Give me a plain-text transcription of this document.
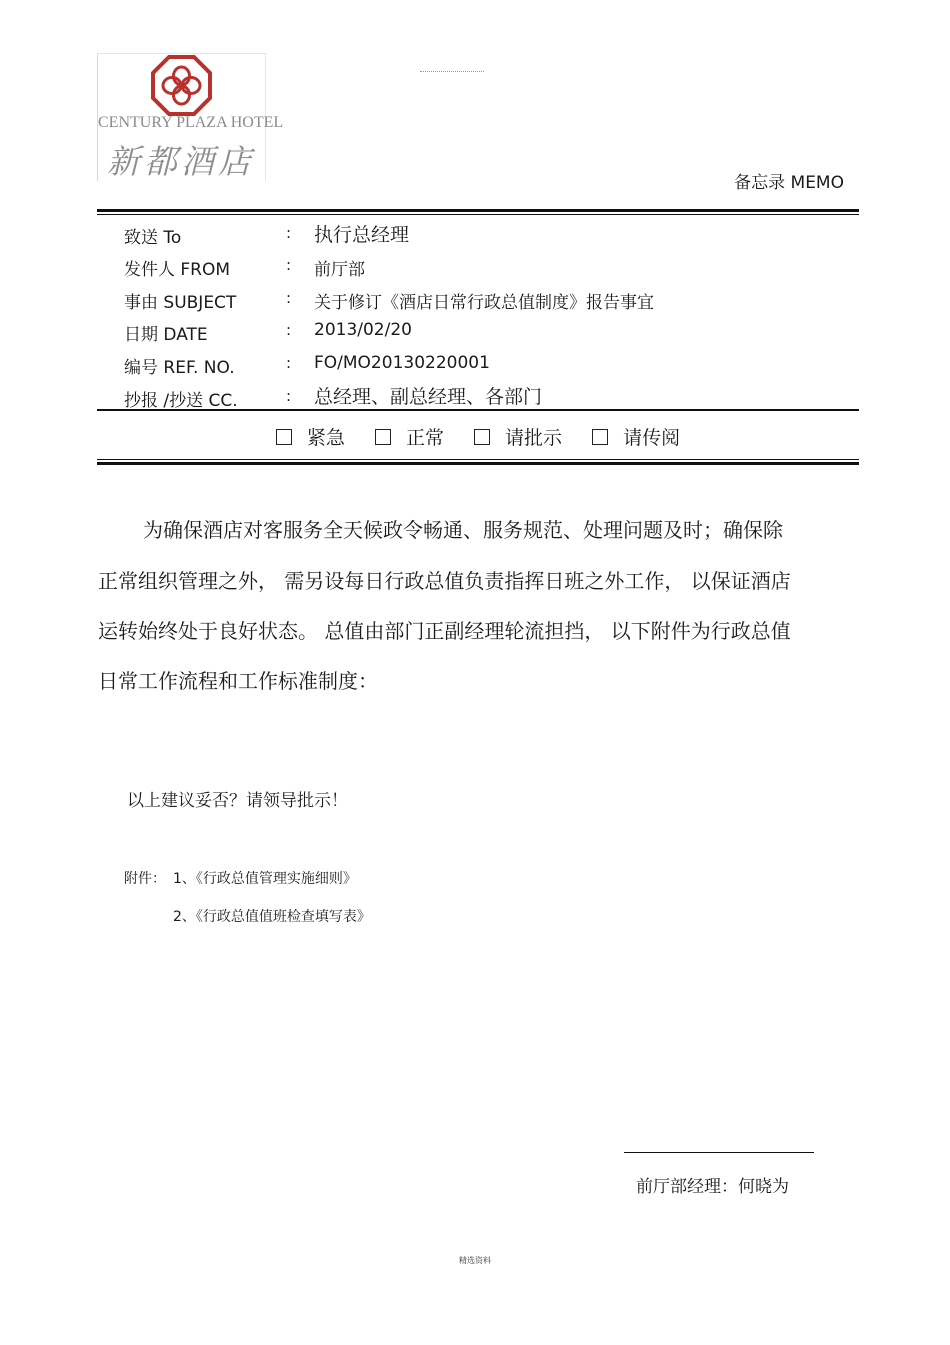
CENTURY PLAZA HOTEL
新都酒店
备忘录 MEMO
致送 To	: 执行总经理
发件人 FROM	: 前厅部
事由 SUBJECT	: 关于修订《酒店日常行政总值制度》报告事宜
日期 DATE	: 2013/02/20
编号 REF. NO.	: FO/MO20130220001
抄报 /抄送 CC.	: 总经理、副总经理、各部门
紧急	正常	请批示	请传阅
为确保酒店对客服务全天候政令畅通、服务规范、处理问题及时；确保除
正常组织管理之外， 需另设每日行政总值负责指挥日班之外工作， 以保证酒店
运转始终处于良好状态。 总值由部门正副经理轮流担挡， 以下附件为行政总值
日常工作流程和工作标准制度：
以上建议妥否？请领导批示！
附件： 1、《行政总值管理实施细则》
2、《行政总值值班检查填写表》
前厅部经理：何晓为
精选资料
